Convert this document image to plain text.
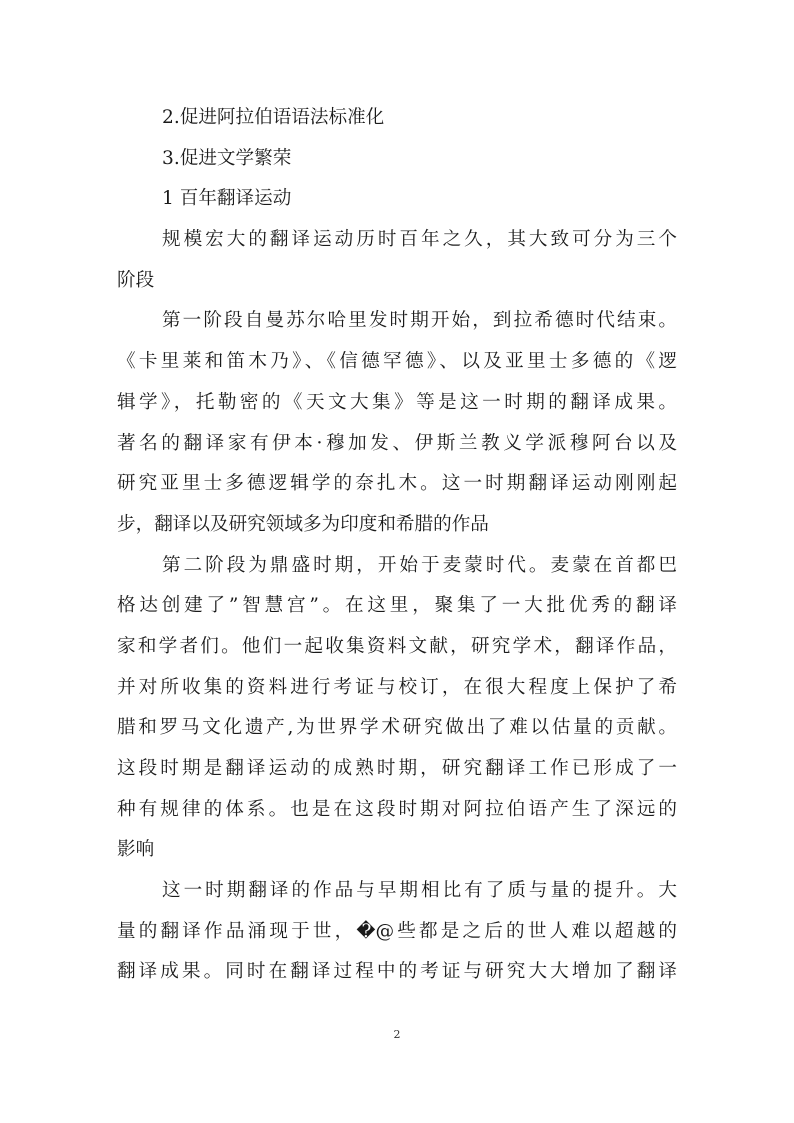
2.促进阿拉伯语语法标准化
3.促进文学繁荣
1 百年翻译运动
规模宏大的翻译运动历时百年之久，其大致可分为三个
阶段
第一阶段自曼苏尔哈里发时期开始，到拉希德时代结束。
《卡里莱和笛木乃》、《信德罕德》、以及亚里士多德的《逻
辑学》，托勒密的《天文大集》等是这一时期的翻译成果。
著名的翻译家有伊本·穆加发、伊斯兰教义学派穆阿台以及
研究亚里士多德逻辑学的奈扎木。这一时期翻译运动刚刚起
步，翻译以及研究领域多为印度和希腊的作品
第二阶段为鼎盛时期，开始于麦蒙时代。麦蒙在首都巴
格达创建了”智慧宫”。在这里，聚集了一大批优秀的翻译
家和学者们。他们一起收集资料文献，研究学术，翻译作品，
并对所收集的资料进行考证与校订，在很大程度上保护了希
腊和罗马文化遗产,为世界学术研究做出了难以估量的贡献。
这段时期是翻译运动的成熟时期，研究翻译工作已形成了一
种有规律的体系。也是在这段时期对阿拉伯语产生了深远的
影响
这一时期翻译的作品与早期相比有了质与量的提升。大
量的翻译作品涌现于世，�@些都是之后的世人难以超越的
翻译成果。同时在翻译过程中的考证与研究大大增加了翻译
2
